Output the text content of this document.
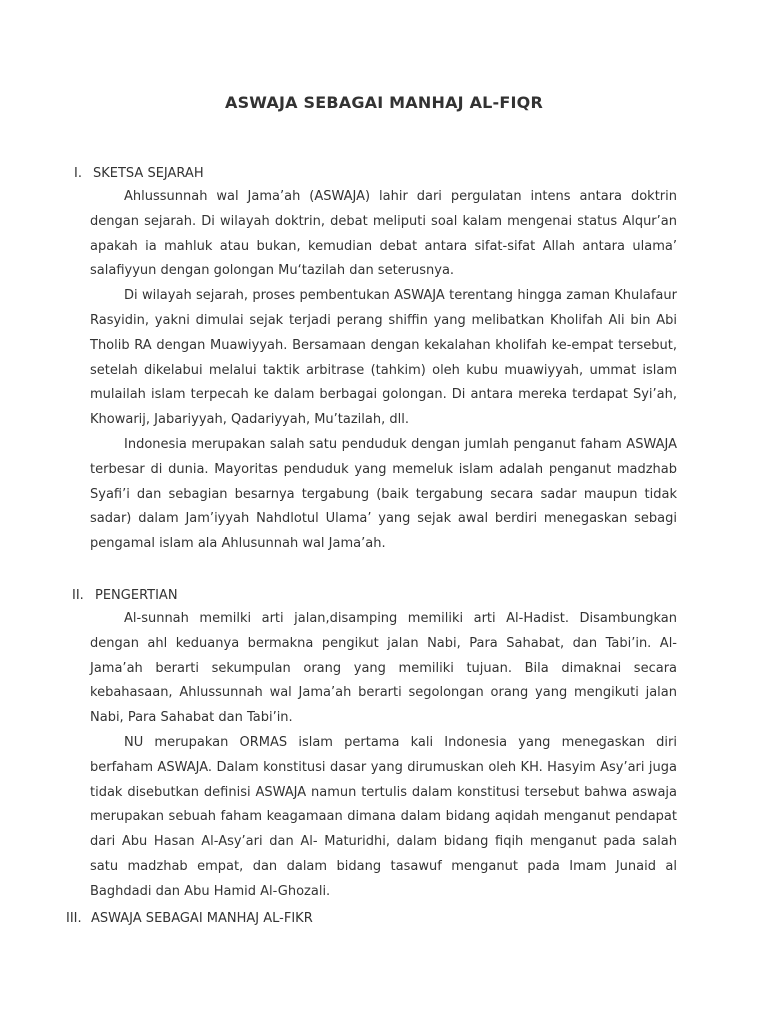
ASWAJA SEBAGAI MANHAJ AL-FIQR
I. SKETSA SEJARAH

Ahlussunnah wal Jama’ah (ASWAJA) lahir dari pergulatan intens antara doktrin dengan sejarah. Di wilayah doktrin, debat meliputi soal kalam mengenai status Alqur’an apakah ia mahluk atau bukan, kemudian debat antara sifat-sifat Allah antara ulama’ salafiyyun dengan golongan Mu‘tazilah dan seterusnya.

Di wilayah sejarah, proses pembentukan ASWAJA terentang hingga zaman Khulafaur Rasyidin, yakni dimulai sejak terjadi perang shiffin yang melibatkan Kholifah Ali bin Abi Tholib RA dengan Muawiyyah. Bersamaan dengan kekalahan kholifah ke-empat tersebut, setelah dikelabui melalui taktik arbitrase (tahkim) oleh kubu muawiyyah, ummat islam mulailah islam terpecah ke dalam berbagai golongan. Di antara mereka terdapat Syi’ah, Khowarij, Jabariyyah, Qadariyyah, Mu’tazilah, dll.

Indonesia merupakan salah satu penduduk dengan jumlah penganut faham ASWAJA terbesar di dunia. Mayoritas penduduk yang memeluk islam adalah penganut madzhab Syafi’i dan sebagian besarnya tergabung (baik tergabung secara sadar maupun tidak sadar) dalam Jam’iyyah Nahdlotul Ulama’ yang sejak awal berdiri menegaskan sebagi pengamal islam ala Ahlusunnah wal Jama’ah.

II. PENGERTIAN

Al-sunnah memilki arti jalan,disamping memiliki arti Al-Hadist. Disambungkan dengan ahl keduanya bermakna pengikut jalan Nabi, Para Sahabat, dan Tabi’in. Al-Jama’ah berarti sekumpulan orang yang memiliki tujuan. Bila dimaknai secara kebahasaan, Ahlussunnah wal Jama’ah berarti segolongan orang yang mengikuti jalan Nabi, Para Sahabat dan Tabi’in.

NU merupakan ORMAS islam pertama kali Indonesia yang menegaskan diri berfaham ASWAJA. Dalam konstitusi dasar yang dirumuskan oleh KH. Hasyim Asy’ari juga tidak disebutkan definisi ASWAJA namun tertulis dalam konstitusi tersebut bahwa aswaja merupakan sebuah faham keagamaan dimana dalam bidang aqidah menganut pendapat dari Abu Hasan Al-Asy’ari dan Al- Maturidhi, dalam bidang fiqih menganut pada salah satu madzhab empat, dan dalam bidang tasawuf menganut pada Imam Junaid al Baghdadi dan Abu Hamid Al-Ghozali.

III. ASWAJA SEBAGAI MANHAJ AL-FIKR
